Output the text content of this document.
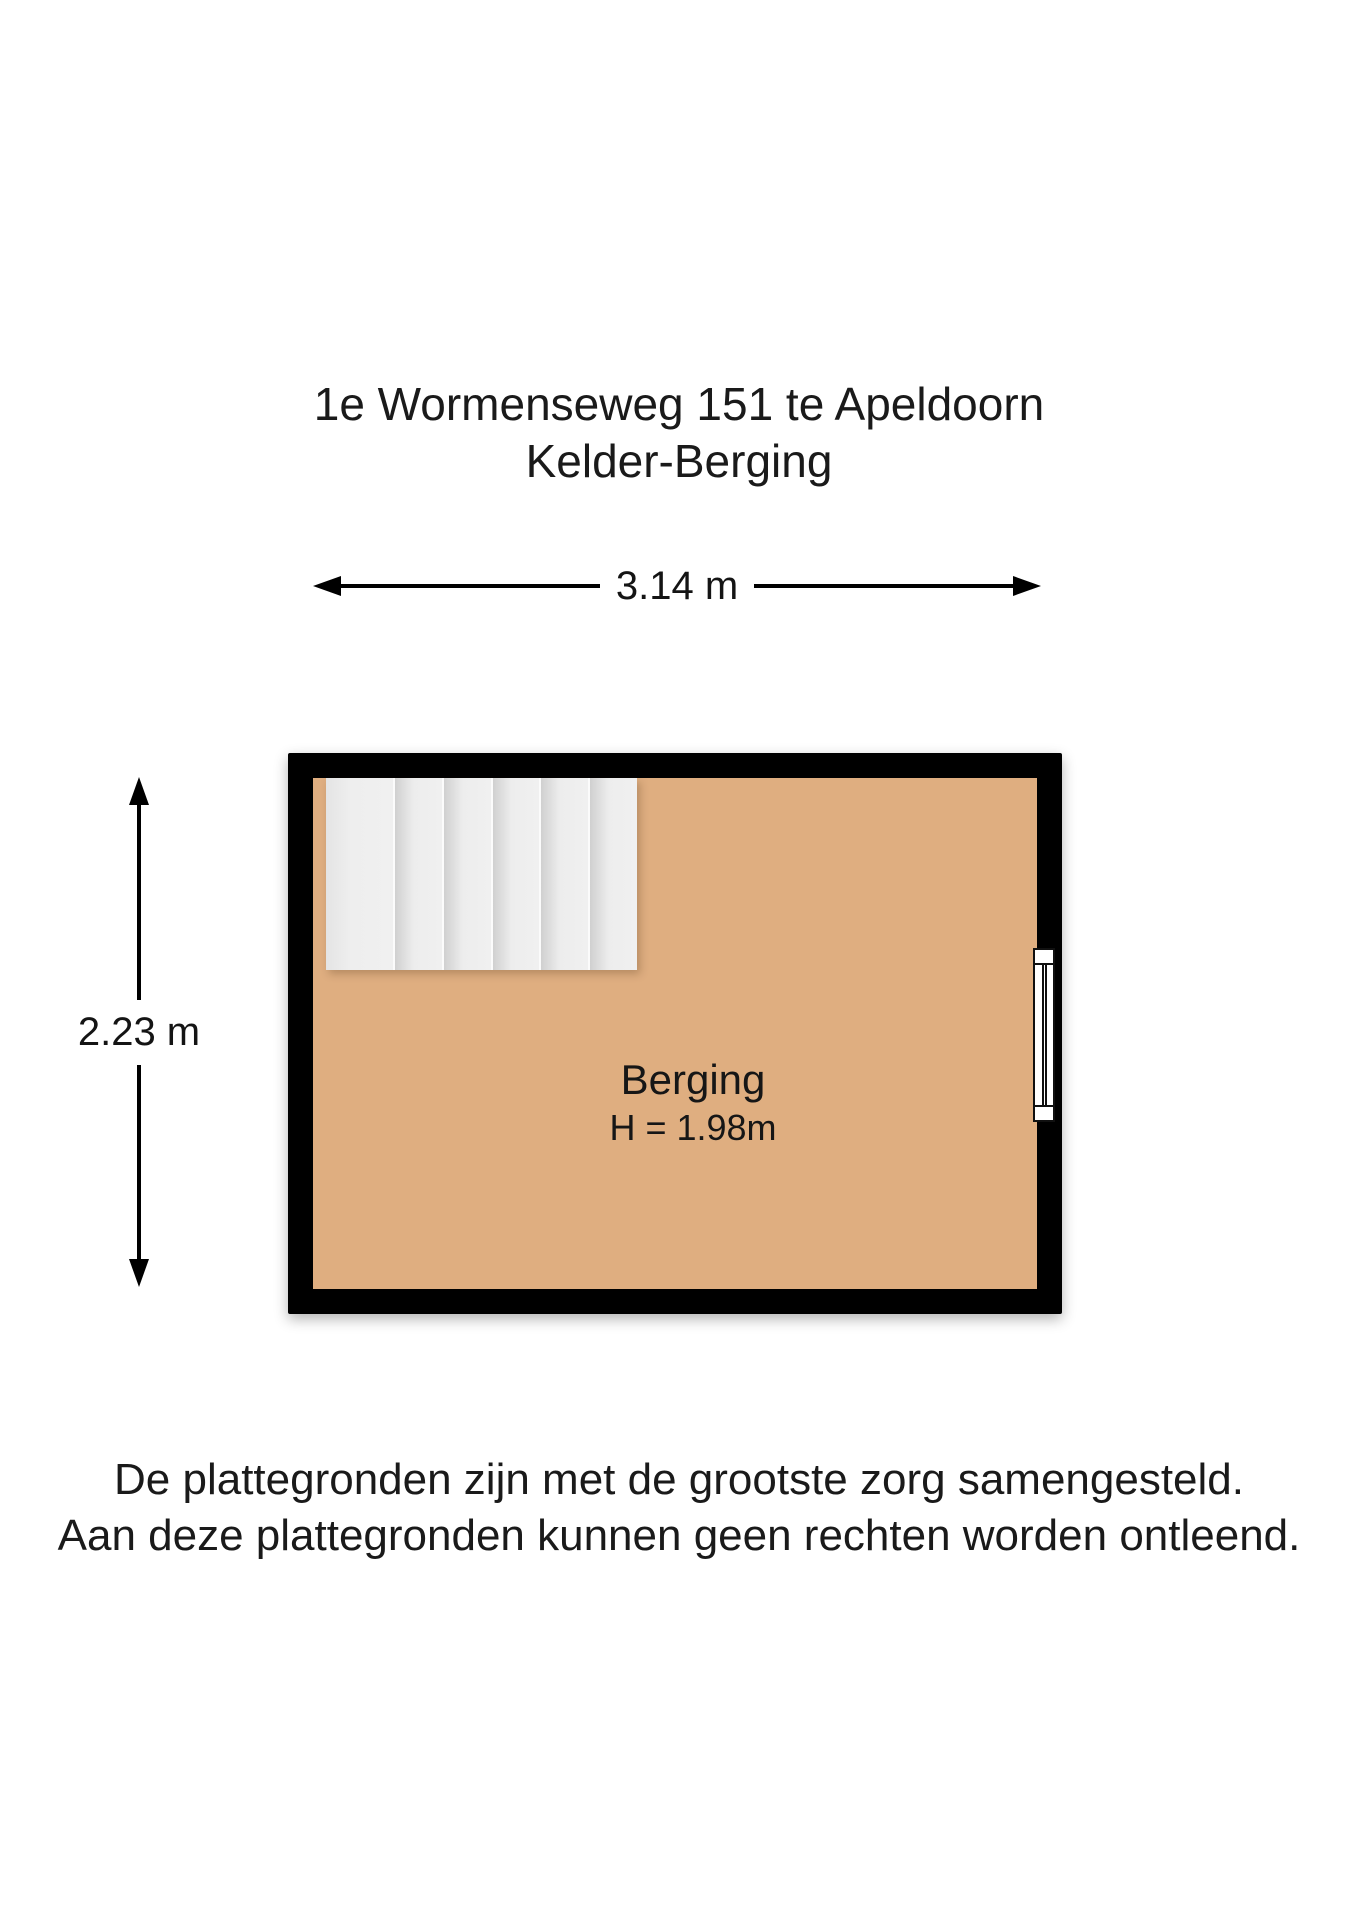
1e Wormenseweg 151 te Apeldoorn
Kelder-Berging
3.14 m
2.23 m
Berging
H = 1.98m
De plattegronden zijn met de grootste zorg samengesteld.
Aan deze plattegronden kunnen geen rechten worden ontleend.
